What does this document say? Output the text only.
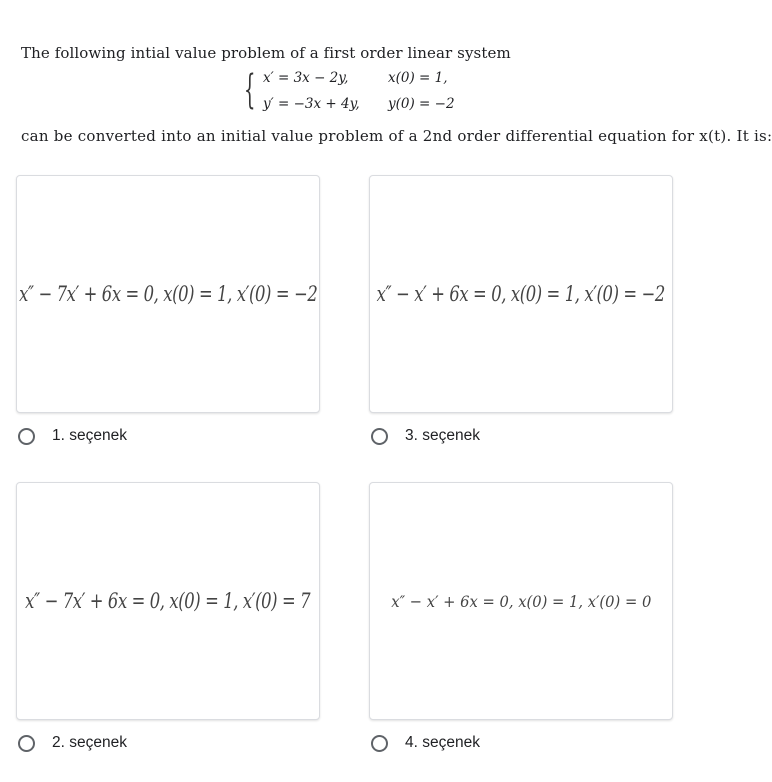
The following intial value problem of a first order linear system
{ x′ = 3x − 2y,	x(0) = 1,
y′ = −3x + 4y, y(0) = −2
can be converted into an initial value problem of a 2nd order differential equation for x(t). It is:
x″ − 7x′ + 6x = 0, x(0) = 1, x′(0) = −2
1. seçenek
x″ − x′ + 6x = 0, x(0) = 1, x′(0) = −2
3. seçenek
x″ − 7x′ + 6x = 0, x(0) = 1, x′(0) = 7
2. seçenek
x″ − x′ + 6x = 0, x(0) = 1, x′(0) = 0
4. seçenek
